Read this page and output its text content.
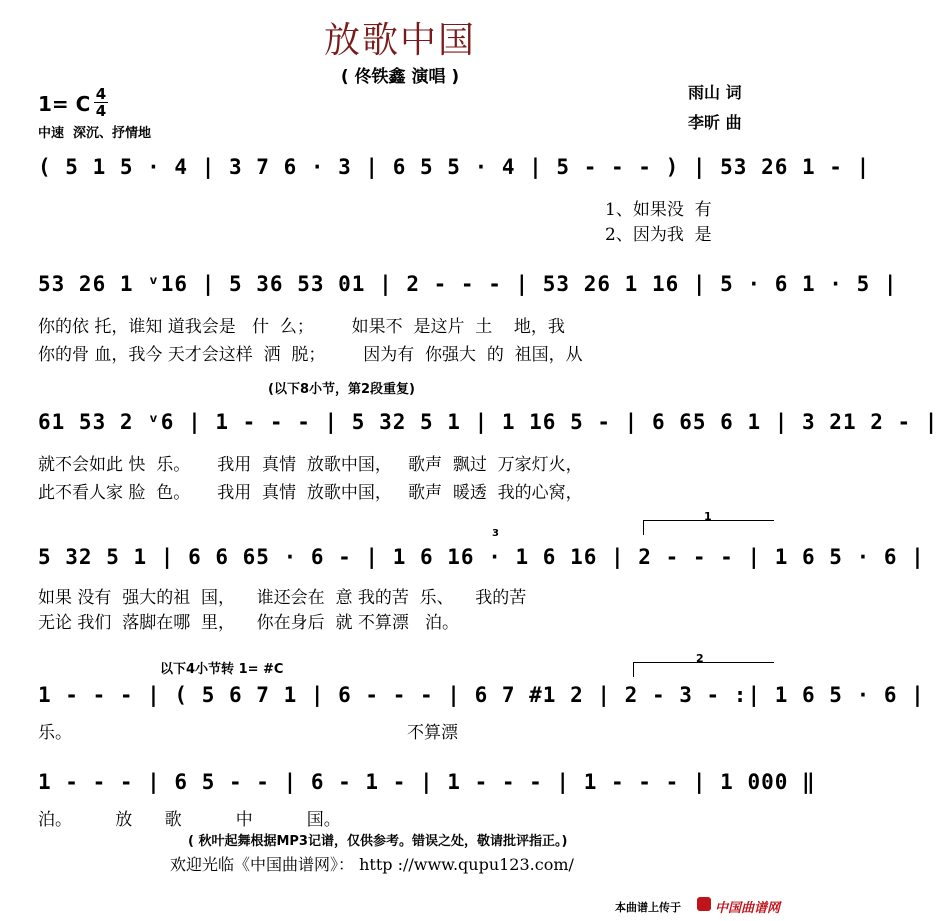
放歌中国
( 佟铁鑫 演唱 )
1= C 4
4
中速  深沉、抒情地
雨山 词
李昕 曲
( 5 1 5 · 4 | 3 7 6 · 3 | 6 5 5 · 4 | 5 - - - ) | 53 26 1 - |
1、如果没  有
2、因为我  是
53 26 1 ᵛ16 | 5 36 53 01 | 2 - - - | 53 26 1 16 | 5 · 6 1 · 5 |
你的依 托，谁知 道我会是   什  么；       如果不  是这片  土    地，我
你的骨 血，我今 天才会这样  洒  脱；       因为有  你强大  的  祖国，从
(以下8小节，第2段重复)
61 53 2 ᵛ6 | 1 - - - | 5 32 5 1 | 1 16 5 - | 6 65 6 1 | 3 21 2 - |
就不会如此 快  乐。     我用  真情  放歌中国，   歌声  飘过  万家灯火，
此不看人家 脸  色。     我用  真情  放歌中国，   歌声  暖透  我的心窝，
1
3
5 32 5 1 | 6 6 65 · 6 - | 1 6 16 · 1 6 16 | 2 - - - | 1 6 5 · 6 |
如果 没有  强大的祖  国，    谁还会在  意 我的苦  乐、    我的苦
无论 我们  落脚在哪  里，    你在身后  就 不算漂   泊。
以下4小节转 1= #C
2
1 - - - | ( 5 6 7 1 | 6 - - - | 6 7 #1 2 | 2 - 3 - :| 1 6 5 · 6 |
乐。                                                              不算漂
1 - - - | 6 5 - - | 6 - 1 - | 1 - - - | 1 - - - | 1 000 ‖
泊。        放      歌          中          国。
( 秋叶起舞根据MP3记谱，仅供参考。错误之处，敬请批评指正。)
欢迎光临《中国曲谱网》： http ://www.qupu123.com/
本曲谱上传于	中国曲谱网
